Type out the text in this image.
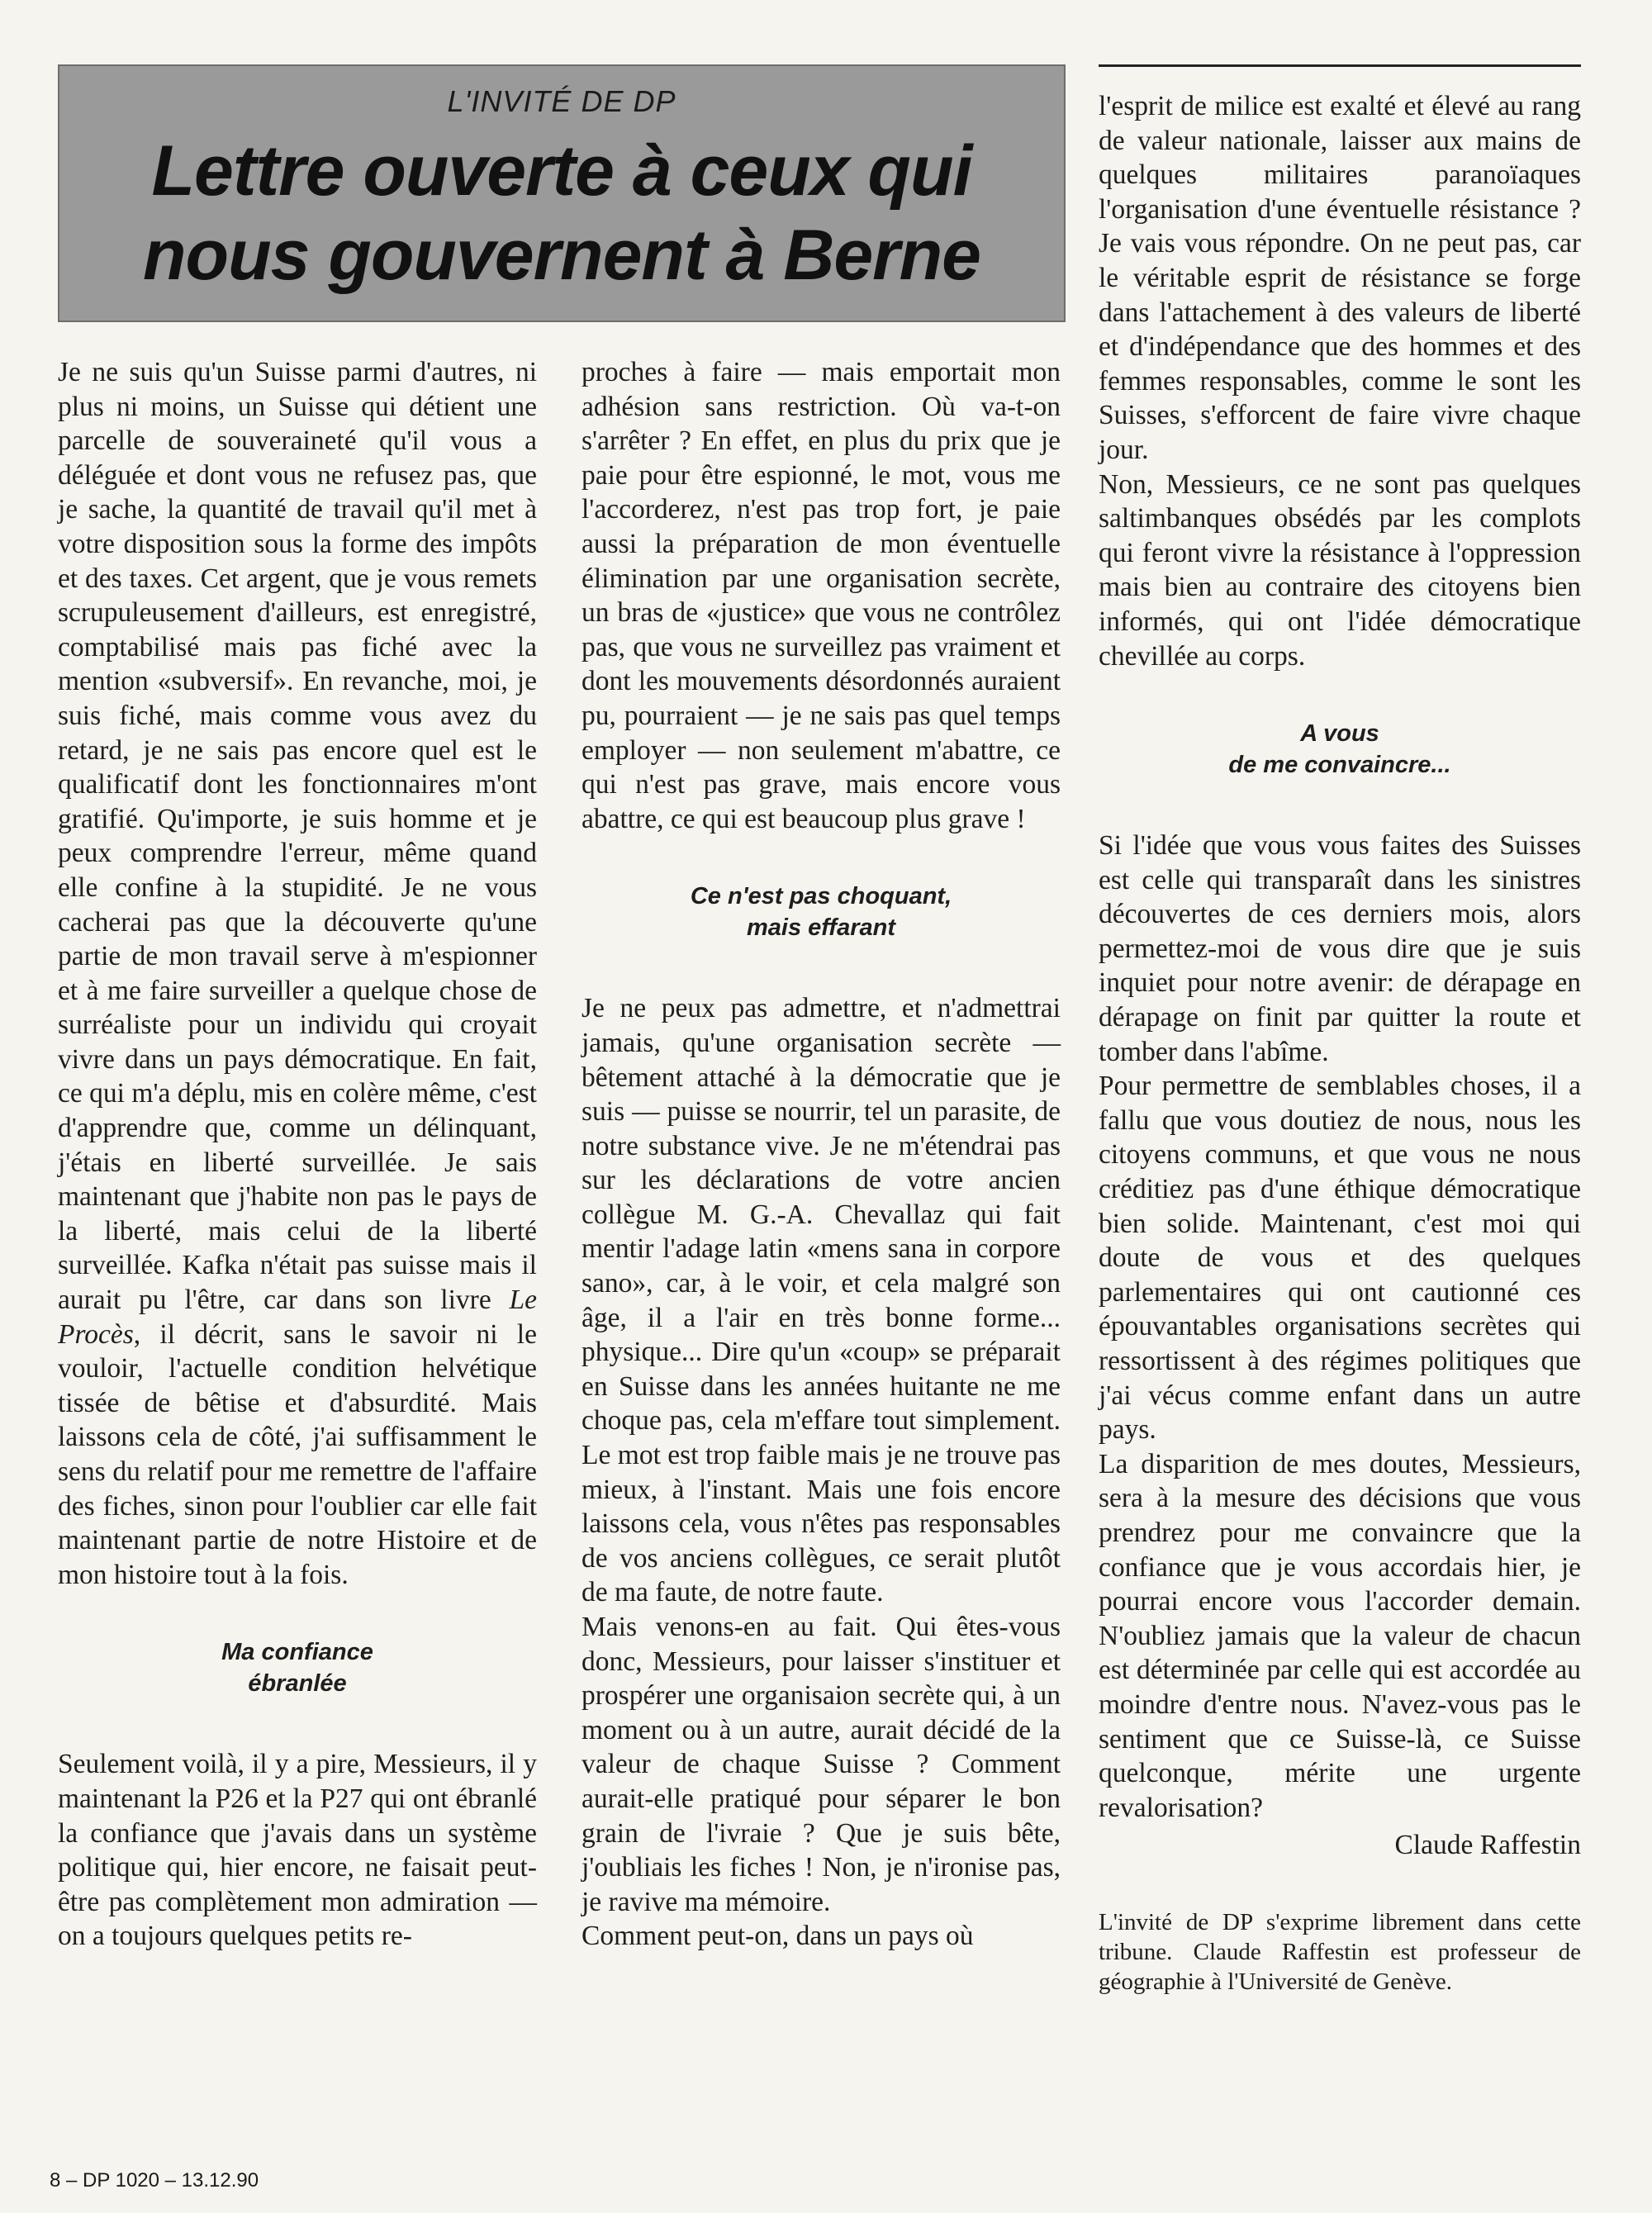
L'INVITÉ DE DP
Lettre ouverte à ceux qui
nous gouvernent à Berne

Je ne suis qu'un Suisse parmi d'autres, ni plus ni moins, un Suisse qui détient une parcelle de souveraineté qu'il vous a déléguée et dont vous ne refusez pas, que je sache, la quantité de travail qu'il met à votre disposition sous la forme des impôts et des taxes. Cet argent, que je vous remets scrupuleusement d'ailleurs, est enregistré, comptabilisé mais pas fiché avec la mention «subversif». En revanche, moi, je suis fiché, mais comme vous avez du retard, je ne sais pas encore quel est le qualificatif dont les fonctionnaires m'ont gratifié. Qu'importe, je suis homme et je peux comprendre l'erreur, même quand elle confine à la stupidité. Je ne vous cacherai pas que la découverte qu'une partie de mon travail serve à m'espionner et à me faire surveiller a quelque chose de surréaliste pour un individu qui croyait vivre dans un pays démocratique. En fait, ce qui m'a déplu, mis en colère même, c'est d'apprendre que, comme un délinquant, j'étais en liberté surveillée. Je sais maintenant que j'habite non pas le pays de la liberté, mais celui de la liberté surveillée. Kafka n'était pas suisse mais il aurait pu l'être, car dans son livre Le Procès, il décrit, sans le savoir ni le vouloir, l'actuelle condition helvétique tissée de bêtise et d'absurdité. Mais laissons cela de côté, j'ai suffisamment le sens du relatif pour me remettre de l'affaire des fiches, sinon pour l'oublier car elle fait maintenant partie de notre Histoire et de mon histoire tout à la fois.

Ma confiance
ébranlée

Seulement voilà, il y a pire, Messieurs, il y maintenant la P26 et la P27 qui ont ébranlé la confiance que j'avais dans un système politique qui, hier encore, ne faisait peut-être pas complètement mon admiration — on a toujours quelques petits re-

proches à faire — mais emportait mon adhésion sans restriction. Où va-t-on s'arrêter ? En effet, en plus du prix que je paie pour être espionné, le mot, vous me l'accorderez, n'est pas trop fort, je paie aussi la préparation de mon éventuelle élimination par une organisation secrète, un bras de «justice» que vous ne contrôlez pas, que vous ne surveillez pas vraiment et dont les mouvements désordonnés auraient pu, pourraient — je ne sais pas quel temps employer — non seulement m'abattre, ce qui n'est pas grave, mais encore vous abattre, ce qui est beaucoup plus grave !

Ce n'est pas choquant,
mais effarant

Je ne peux pas admettre, et n'admettrai jamais, qu'une organisation secrète — bêtement attaché à la démocratie que je suis — puisse se nourrir, tel un parasite, de notre substance vive. Je ne m'étendrai pas sur les déclarations de votre ancien collègue M. G.-A. Chevallaz qui fait mentir l'adage latin «mens sana in corpore sano», car, à le voir, et cela malgré son âge, il a l'air en très bonne forme... physique... Dire qu'un «coup» se préparait en Suisse dans les années huitante ne me choque pas, cela m'effare tout simplement. Le mot est trop faible mais je ne trouve pas mieux, à l'instant. Mais une fois encore laissons cela, vous n'êtes pas responsables de vos anciens collègues, ce serait plutôt de ma faute, de notre faute.

Mais venons-en au fait. Qui êtes-vous donc, Messieurs, pour laisser s'instituer et prospérer une organisaion secrète qui, à un moment ou à un autre, aurait décidé de la valeur de chaque Suisse ? Comment aurait-elle pratiqué pour séparer le bon grain de l'ivraie ? Que je suis bête, j'oubliais les fiches ! Non, je n'ironise pas, je ravive ma mémoire.

Comment peut-on, dans un pays où

l'esprit de milice est exalté et élevé au rang de valeur nationale, laisser aux mains de quelques militaires paranoïaques l'organisation d'une éventuelle résistance ? Je vais vous répondre. On ne peut pas, car le véritable esprit de résistance se forge dans l'attachement à des valeurs de liberté et d'indépendance que des hommes et des femmes responsables, comme le sont les Suisses, s'efforcent de faire vivre chaque jour.

Non, Messieurs, ce ne sont pas quelques saltimbanques obsédés par les complots qui feront vivre la résistance à l'oppression mais bien au contraire des citoyens bien informés, qui ont l'idée démocratique chevillée au corps.

A vous
de me convaincre...

Si l'idée que vous vous faites des Suisses est celle qui transparaît dans les sinistres découvertes de ces derniers mois, alors permettez-moi de vous dire que je suis inquiet pour notre avenir: de dérapage en dérapage on finit par quitter la route et tomber dans l'abîme.

Pour permettre de semblables choses, il a fallu que vous doutiez de nous, nous les citoyens communs, et que vous ne nous créditiez pas d'une éthique démocratique bien solide. Maintenant, c'est moi qui doute de vous et des quelques parlementaires qui ont cautionné ces épouvantables organisations secrètes qui ressortissent à des régimes politiques que j'ai vécus comme enfant dans un autre pays.

La disparition de mes doutes, Messieurs, sera à la mesure des décisions que vous prendrez pour me convaincre que la confiance que je vous accordais hier, je pourrai encore vous l'accorder demain. N'oubliez jamais que la valeur de chacun est déterminée par celle qui est accordée au moindre d'entre nous. N'avez-vous pas le sentiment que ce Suisse-là, ce Suisse quelconque, mérite une urgente revalorisation?

Claude Raffestin
L'invité de DP s'exprime librement dans cette tribune. Claude Raffestin est professeur de géographie à l'Université de Genève.
8 – DP 1020 – 13.12.90
